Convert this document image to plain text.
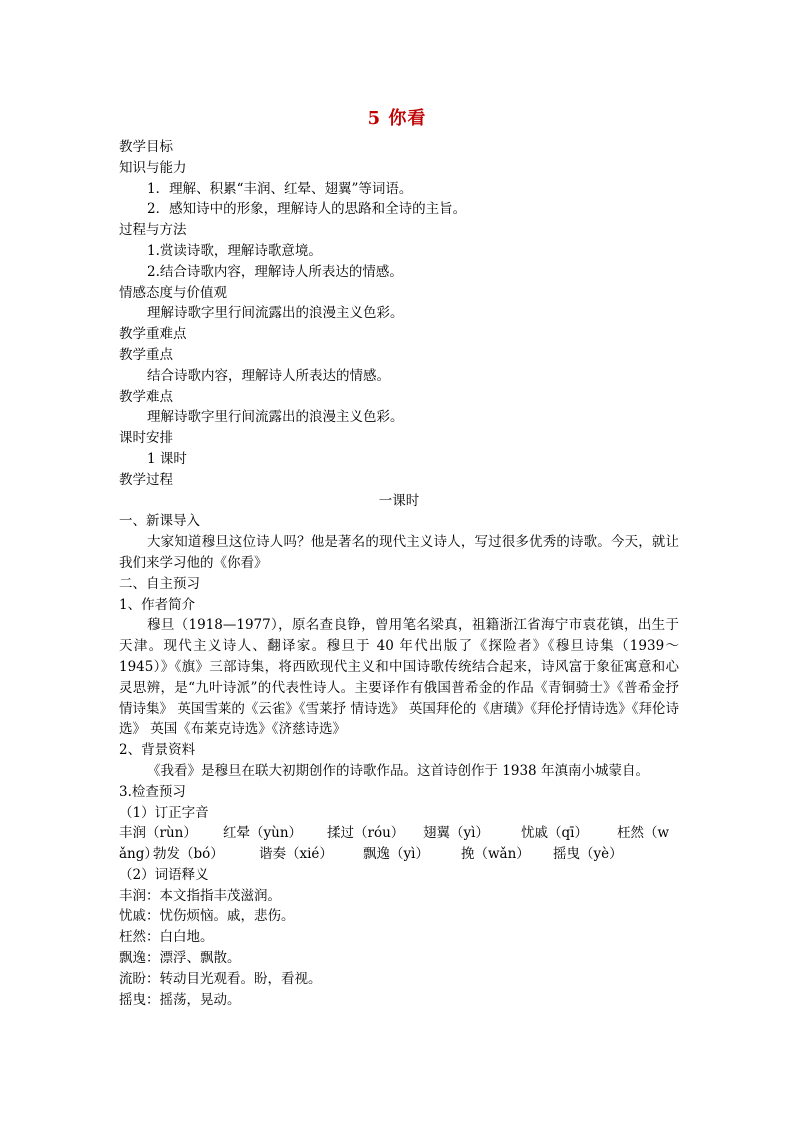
5 你看
教学目标
知识与能力
1．理解、积累“丰润、红晕、翅翼”等词语。
2．感知诗中的形象，理解诗人的思路和全诗的主旨。
过程与方法
1.赏读诗歌，理解诗歌意境。
2.结合诗歌内容，理解诗人所表达的情感。
情感态度与价值观
理解诗歌字里行间流露出的浪漫主义色彩。
教学重难点
教学重点
结合诗歌内容，理解诗人所表达的情感。
教学难点
理解诗歌字里行间流露出的浪漫主义色彩。
课时安排
1 课时
教学过程
一课时
一、新课导入
大家知道穆旦这位诗人吗？他是著名的现代主义诗人，写过很多优秀的诗歌。今天，就让我们来学习他的《你看》
二、自主预习
1、作者简介
穆旦（1918—1977），原名查良铮，曾用笔名梁真，祖籍浙江省海宁市袁花镇，出生于天津。现代主义诗人、翻译家。穆旦于 40 年代出版了《探险者》《穆旦诗集（1939～1945）》《旗》三部诗集，将西欧现代主义和中国诗歌传统结合起来，诗风富于象征寓意和心灵思辨，是“九叶诗派”的代表性诗人。主要译作有俄国普希金的作品《青铜骑士》《普希金抒情诗集》 英国雪莱的《云雀》《雪莱抒 情诗选》 英国拜伦的《唐璜》《拜伦抒情诗选》《拜伦诗选》 英国《布莱克诗选》《济慈诗选》
2、背景资料
《我看》是穆旦在联大初期创作的诗歌作品。这首诗创作于 1938 年滇南小城蒙自。
3.检查预习
（1）订正字音
丰润（rùn）	红晕（yùn）	揉过（róu）	翅翼（yì）	忧戚（qī）	枉然（w
ǎng）
勃发（bó）	谐奏（xié）	飘逸（yì）	挽（wǎn）	摇曳（yè）
（2）词语释义
丰润：本文指指丰茂滋润。
忧戚：忧伤烦恼。戚，悲伤。
枉然：白白地。
飘逸：漂浮、飘散。
流盼：转动目光观看。盼，看视。
摇曳：摇荡，晃动。
